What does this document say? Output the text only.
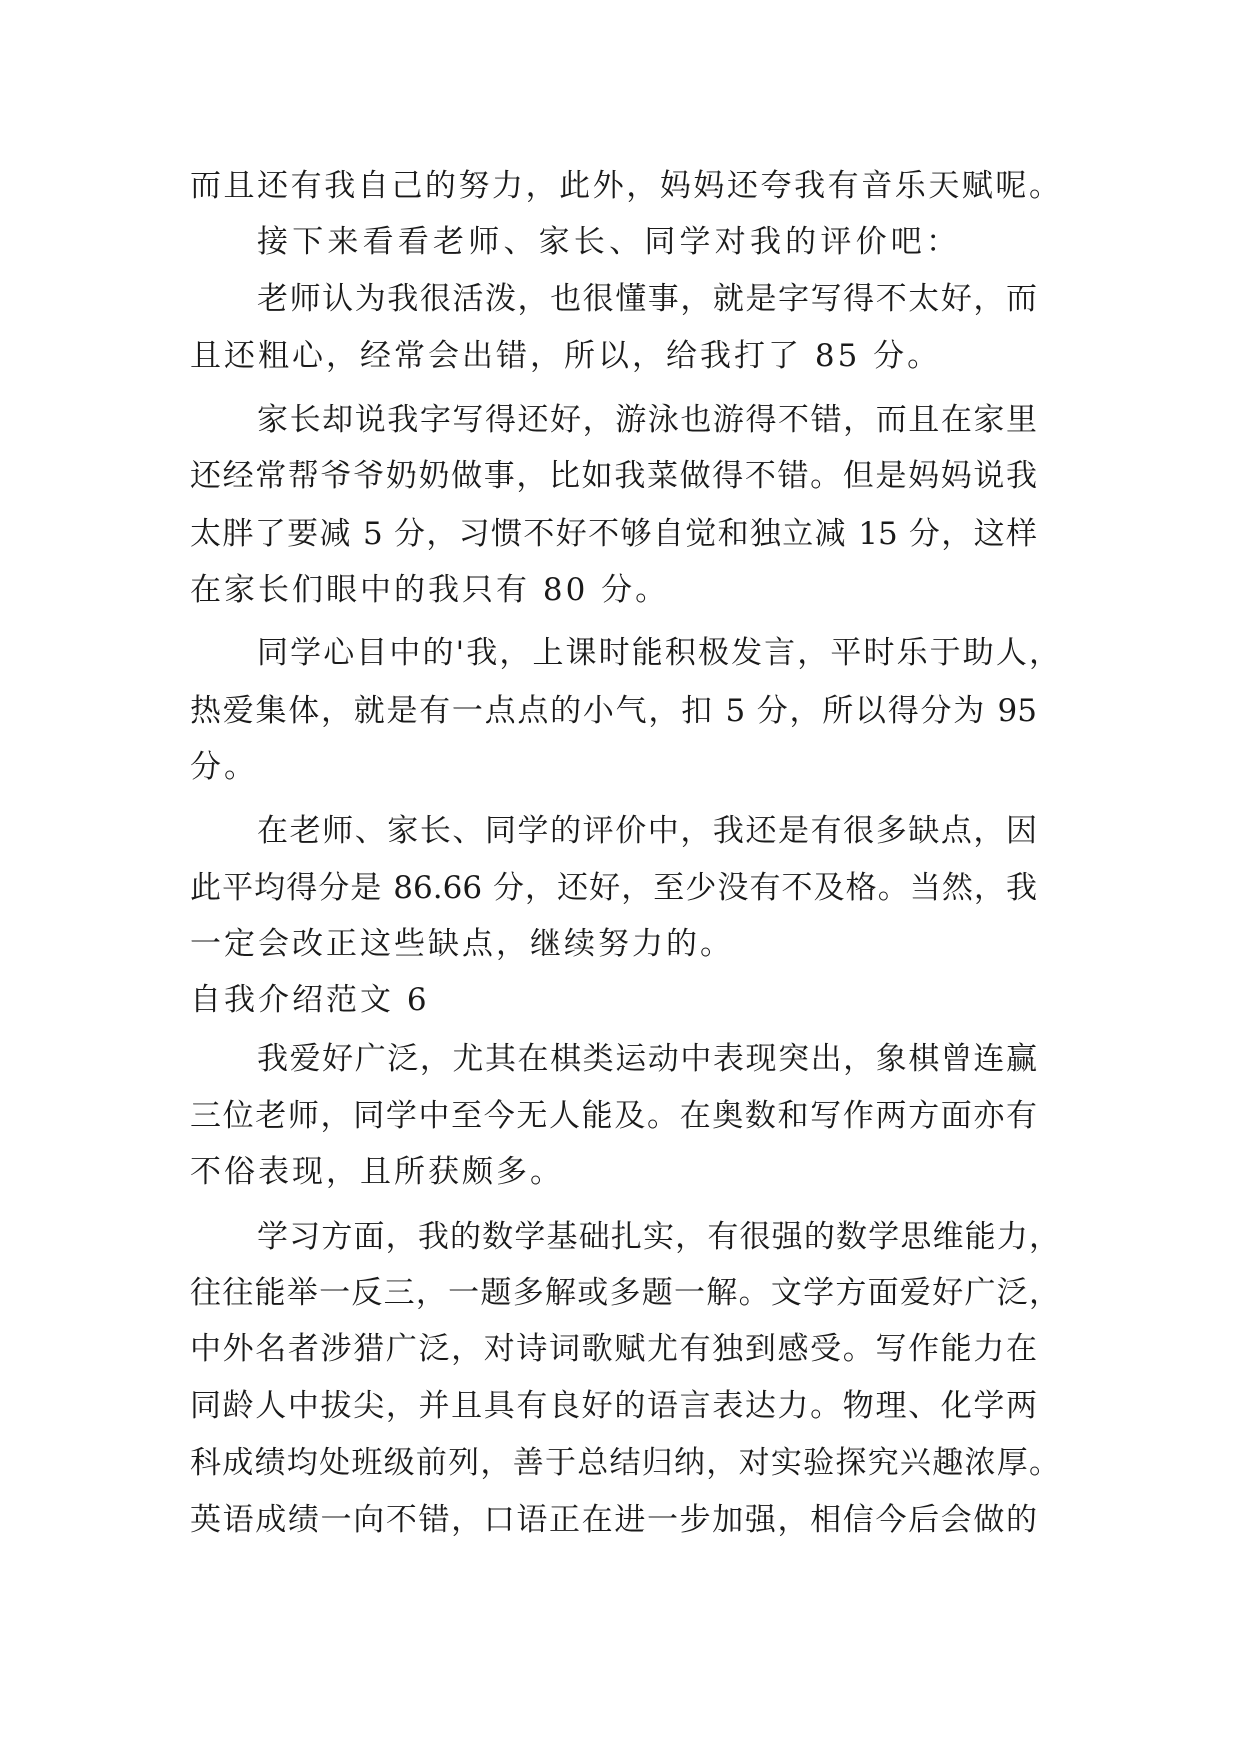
而且还有我自己的努力，此外，妈妈还夸我有音乐天赋呢。
接下来看看老师、家长、同学对我的评价吧：
老师认为我很活泼，也很懂事，就是字写得不太好，而
且还粗心，经常会出错，所以，给我打了 85 分。
家长却说我字写得还好，游泳也游得不错，而且在家里
还经常帮爷爷奶奶做事，比如我菜做得不错。但是妈妈说我
太胖了要减 5 分，习惯不好不够自觉和独立减 15 分，这样
在家长们眼中的我只有 80 分。
同学心目中的'我，上课时能积极发言，平时乐于助人，
热爱集体，就是有一点点的小气，扣 5 分，所以得分为 95
分。
在老师、家长、同学的评价中，我还是有很多缺点，因
此平均得分是 86.66 分，还好，至少没有不及格。当然，我
一定会改正这些缺点，继续努力的。
自我介绍范文 6
我爱好广泛，尤其在棋类运动中表现突出，象棋曾连赢
三位老师，同学中至今无人能及。在奥数和写作两方面亦有
不俗表现，且所获颇多。
学习方面，我的数学基础扎实，有很强的数学思维能力，
往往能举一反三，一题多解或多题一解。文学方面爱好广泛，
中外名者涉猎广泛，对诗词歌赋尤有独到感受。写作能力在
同龄人中拔尖，并且具有良好的语言表达力。物理、化学两
科成绩均处班级前列，善于总结归纳，对实验探究兴趣浓厚。
英语成绩一向不错，口语正在进一步加强，相信今后会做的
